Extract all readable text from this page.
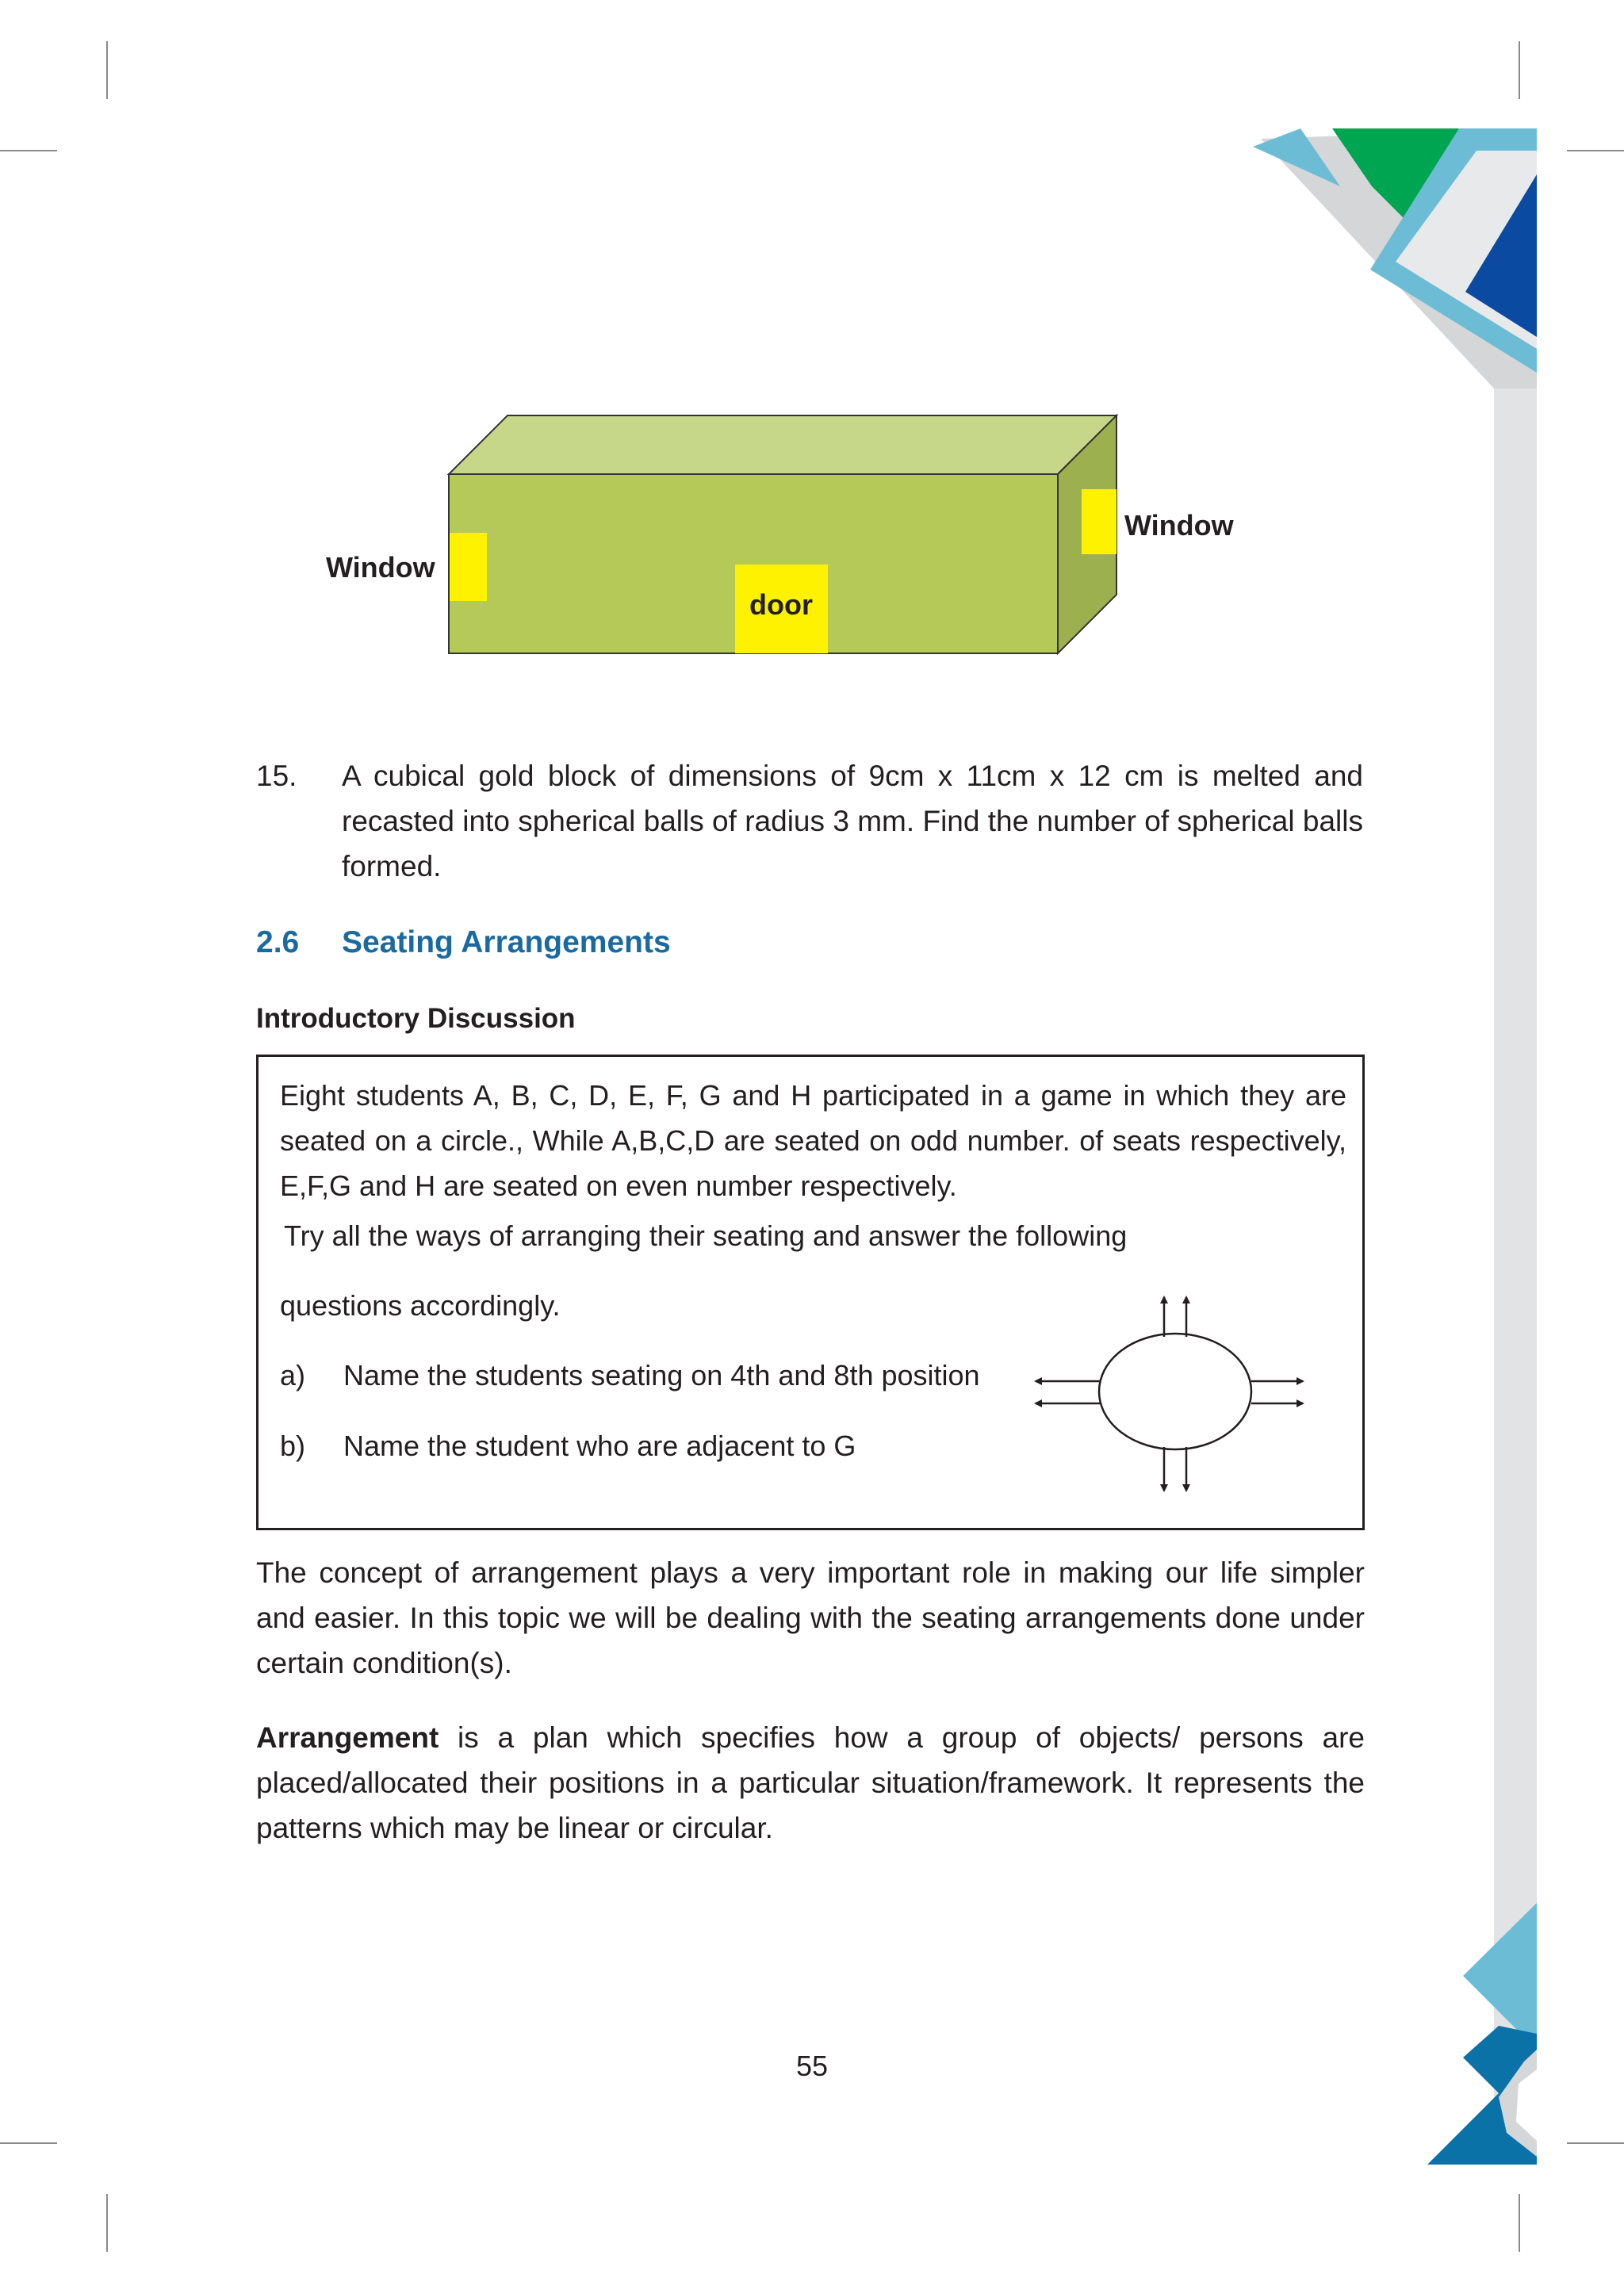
Window
Window
door
15. A cubical gold block of dimensions of 9cm x 11cm x 12 cm is melted and recasted into spherical balls of radius 3 mm. Find the number of spherical balls formed.
2.6 Seating Arrangements
Introductory Discussion
Eight students A, B, C, D, E, F, G and H participated in a game in which they are seated on a circle., While A,B,C,D are seated on odd number. of seats respectively, E,F,G and H are seated on even number respectively.
Try all the ways of arranging their seating and answer the following
questions accordingly.
a) Name the students seating on 4th and 8th position
b) Name the student who are adjacent to G
The concept of arrangement plays a very important role in making our life simpler and easier. In this topic we will be dealing with the seating arrangements done under certain condition(s).
Arrangement is a plan which specifies how a group of objects/ persons are placed/allocated their positions in a particular situation/framework. It represents the patterns which may be linear or circular.
55
